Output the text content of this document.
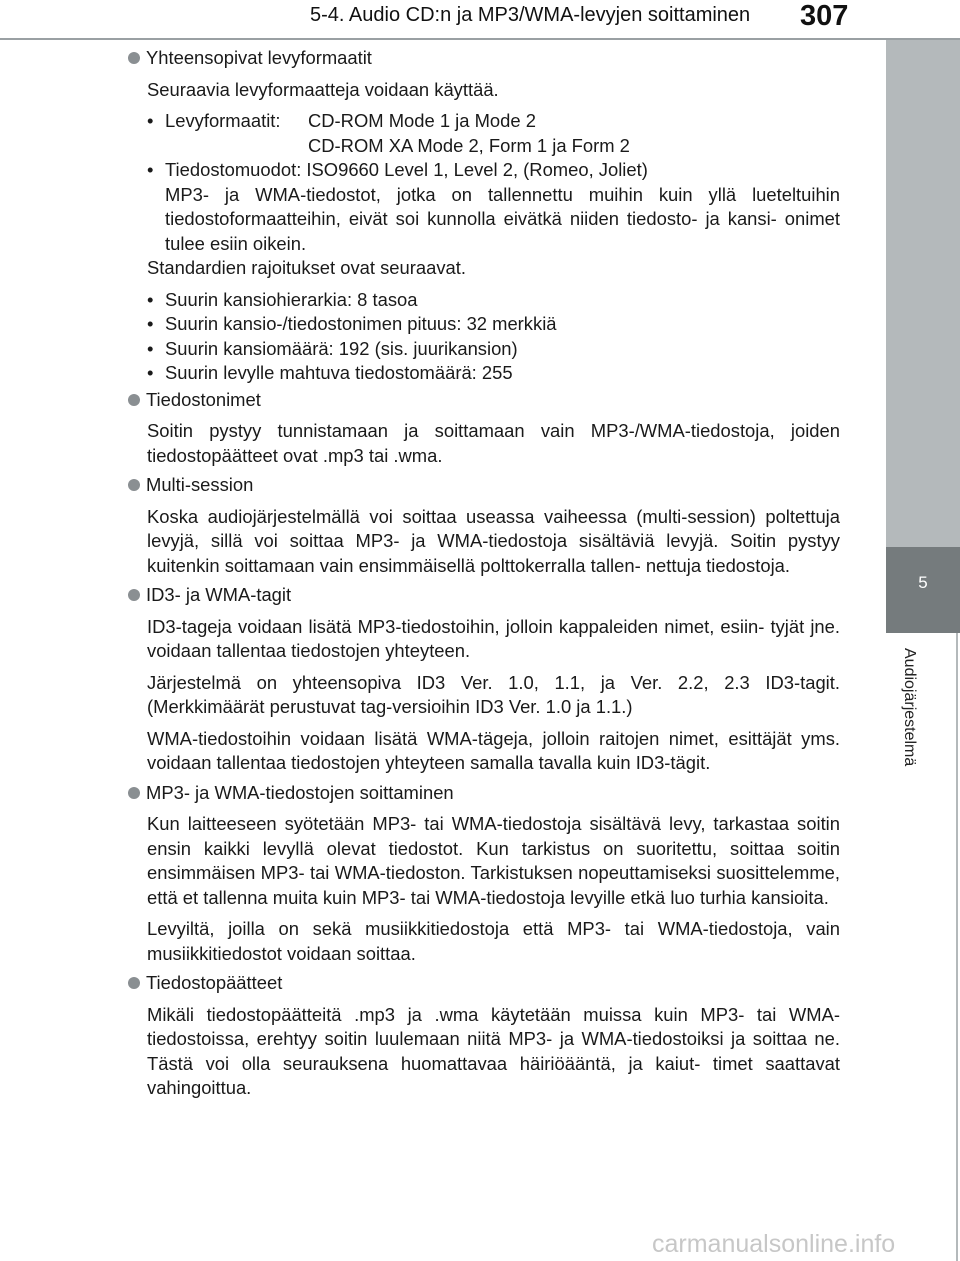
5-4. Audio CD:n ja MP3/WMA-levyjen soittaminen 307
5
Audiojärjestelmä
Yhteensopivat levyformaatit
Seuraavia levyformaatteja voidaan käyttää.
• Levyformaatit:	CD-ROM Mode 1 ja Mode 2
CD-ROM XA Mode 2, Form 1 ja Form 2
• Tiedostomuodot: ISO9660 Level 1, Level 2, (Romeo, Joliet)
MP3- ja WMA-tiedostot, jotka on tallennettu muihin kuin yllä lueteltuihin tiedostoformaatteihin, eivät soi kunnolla eivätkä niiden tiedosto- ja kansi- onimet tulee esiin oikein.
Standardien rajoitukset ovat seuraavat.
• Suurin kansiohierarkia: 8 tasoa
• Suurin kansio-/tiedostonimen pituus: 32 merkkiä
• Suurin kansiomäärä: 192 (sis. juurikansion)
• Suurin levylle mahtuva tiedostomäärä: 255
Tiedostonimet
Soitin pystyy tunnistamaan ja soittamaan vain MP3-/WMA-tiedostoja, joiden tiedostopäätteet ovat .mp3 tai .wma.
Multi-session
Koska audiojärjestelmällä voi soittaa useassa vaiheessa (multi-session) poltettuja levyjä, sillä voi soittaa MP3- ja WMA-tiedostoja sisältäviä levyjä. Soitin pystyy kuitenkin soittamaan vain ensimmäisellä polttokerralla tallen- nettuja tiedostoja.
ID3- ja WMA-tagit
ID3-tageja voidaan lisätä MP3-tiedostoihin, jolloin kappaleiden nimet, esiin- tyjät jne. voidaan tallentaa tiedostojen yhteyteen.
Järjestelmä on yhteensopiva ID3 Ver. 1.0, 1.1, ja Ver. 2.2, 2.3 ID3-tagit. (Merkkimäärät perustuvat tag-versioihin ID3 Ver. 1.0 ja 1.1.)
WMA-tiedostoihin voidaan lisätä WMA-tägeja, jolloin raitojen nimet, esittäjät yms. voidaan tallentaa tiedostojen yhteyteen samalla tavalla kuin ID3-tägit.
MP3- ja WMA-tiedostojen soittaminen
Kun laitteeseen syötetään MP3- tai WMA-tiedostoja sisältävä levy, tarkastaa soitin ensin kaikki levyllä olevat tiedostot. Kun tarkistus on suoritettu, soittaa soitin ensimmäisen MP3- tai WMA-tiedoston. Tarkistuksen nopeuttamiseksi suosittelemme, että et tallenna muita kuin MP3- tai WMA-tiedostoja levyille etkä luo turhia kansioita.
Levyiltä, joilla on sekä musiikkitiedostoja että MP3- tai WMA-tiedostoja, vain musiikkitiedostot voidaan soittaa.
Tiedostopäätteet
Mikäli tiedostopäätteitä .mp3 ja .wma käytetään muissa kuin MP3- tai WMA-tiedostoissa, erehtyy soitin luulemaan niitä MP3- ja WMA-tiedostoiksi ja soittaa ne. Tästä voi olla seurauksena huomattavaa häiriöääntä, ja kaiut- timet saattavat vahingoittua.
carmanualsonline.info
